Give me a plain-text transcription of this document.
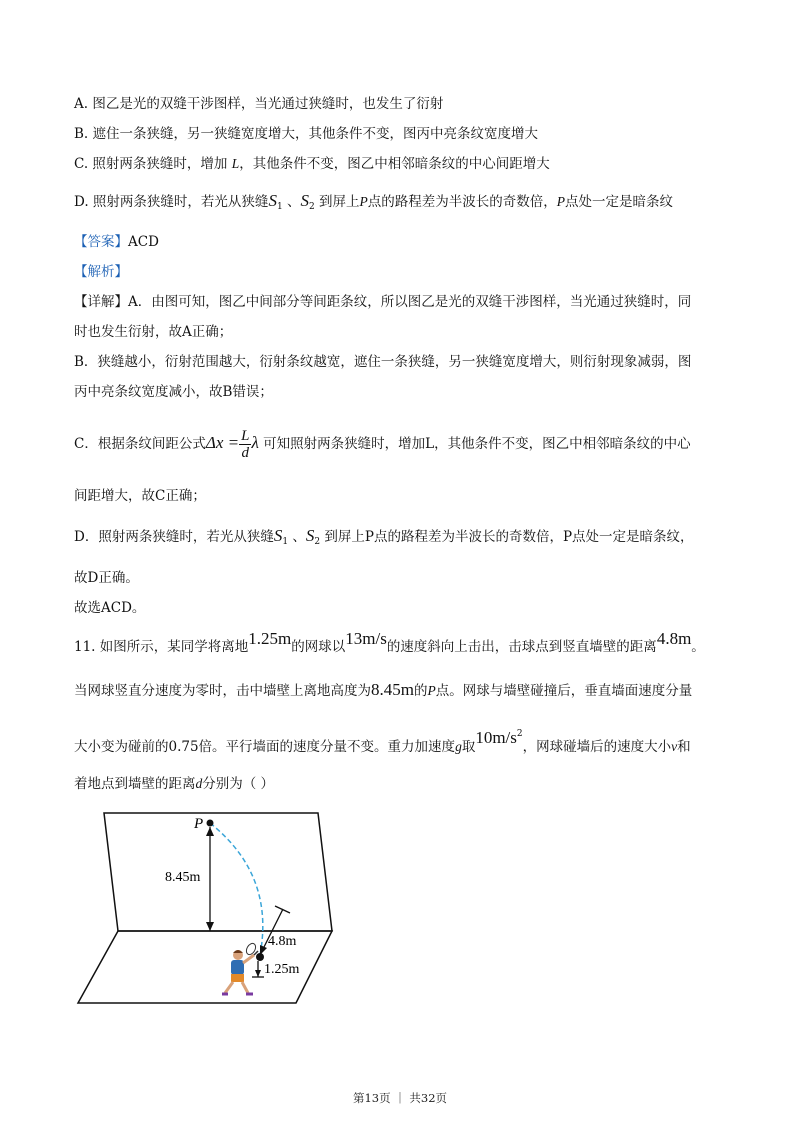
A. 图乙是光的双缝干涉图样，当光通过狭缝时，也发生了衍射
B. 遮住一条狭缝，另一狭缝宽度增大，其他条件不变，图丙中亮条纹宽度增大
C. 照射两条狭缝时，增加 L，其他条件不变，图乙中相邻暗条纹的中心间距增大
D. 照射两条狭缝时，若光从狭缝$S_1$ 、$S_2$ 到屏上P点的路程差为半波长的奇数倍，P点处一定是暗条纹
【答案】ACD
【解析】
【详解】A．由图可知，图乙中间部分等间距条纹，所以图乙是光的双缝干涉图样，当光通过狭缝时，同
时也发生衍射，故A正确；
B．狭缝越小，衍射范围越大，衍射条纹越宽，遮住一条狭缝，另一狭缝宽度增大，则衍射现象减弱，图
丙中亮条纹宽度减小，故B错误；
C．根据条纹间距公式$\Delta x = \frac{L}{d}$ λ 可知照射两条狭缝时，增加L，其他条件不变，图乙中相邻暗条纹的中心
间距增大，故C正确；
D．照射两条狭缝时，若光从狭缝$S_1$ 、$S_2$ 到屏上P点的路程差为半波长的奇数倍，P点处一定是暗条纹，
故D正确。
故选ACD。
11. 如图所示，某同学将离地1.25m的网球以13m/s的速度斜向上击出，击球点到竖直墙壁的距离4.8m。
当网球竖直分速度为零时，击中墙壁上离地高度为8.45m的P点。网球与墙壁碰撞后，垂直墙面速度分量
大小变为碰前的0.75倍。平行墙面的速度分量不变。重力加速度g取$10m/s^2$，网球碰墙后的速度大小v和
着地点到墙壁的距离d分别为（ ）
P
8.45m
4.8m
1.25m
第13页 ｜ 共32页
